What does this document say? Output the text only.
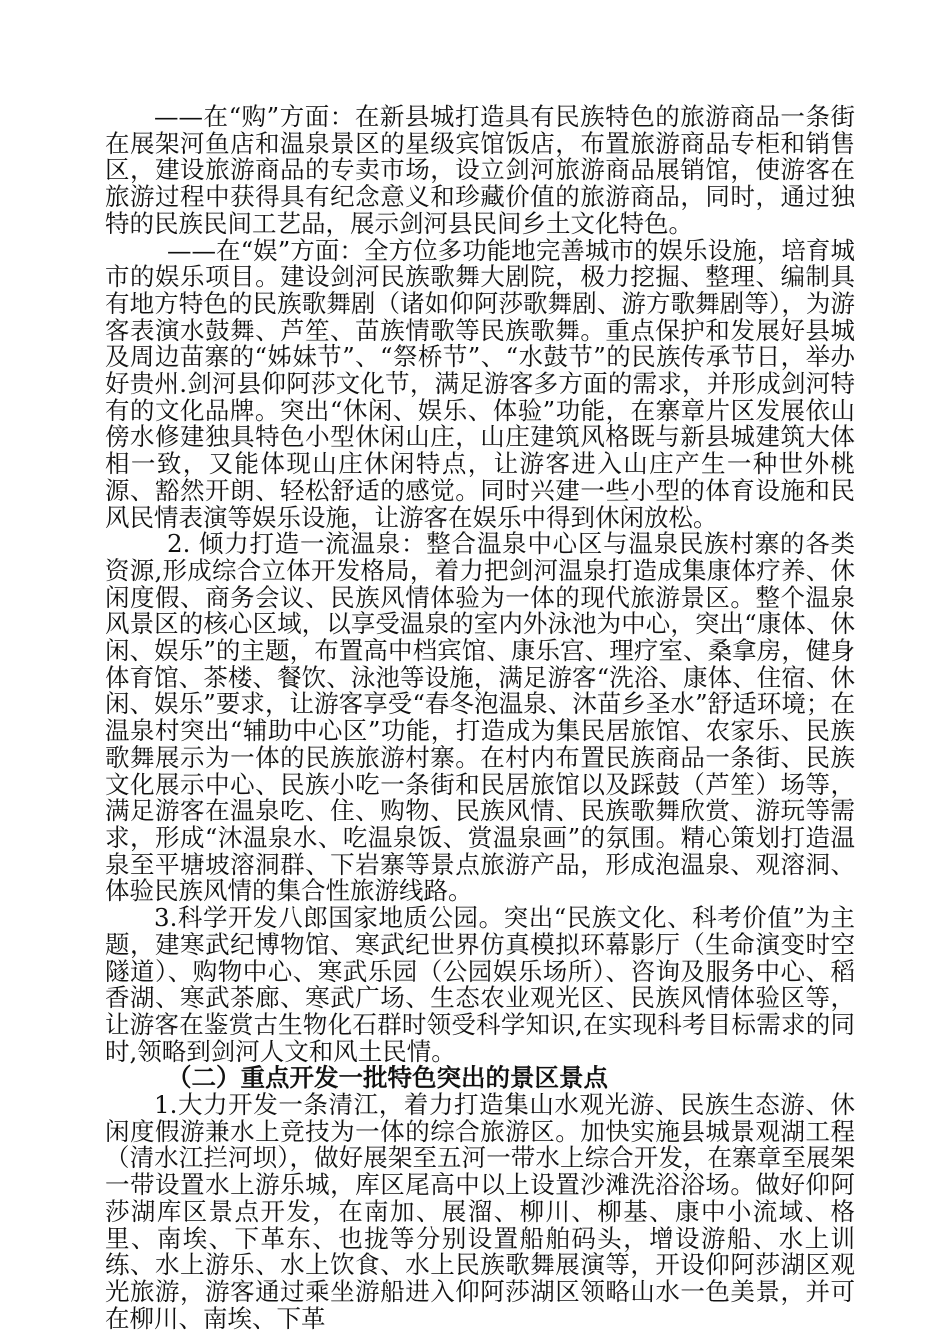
——在“购”方面：在新县城打造具有民族特色的旅游商品一条街在展架河鱼店和温泉景区的星级宾馆饭店，布置旅游商品专柜和销售区，建设旅游商品的专卖市场，设立剑河旅游商品展销馆，使游客在旅游过程中获得具有纪念意义和珍藏价值的旅游商品，同时，通过独特的民族民间工艺品，展示剑河县民间乡土文化特色。

——在“娱”方面：全方位多功能地完善城市的娱乐设施，培育城市的娱乐项目。建设剑河民族歌舞大剧院，极力挖掘、整理、编制具有地方特色的民族歌舞剧（诸如仰阿莎歌舞剧、游方歌舞剧等），为游客表演水鼓舞、芦笙、苗族情歌等民族歌舞。重点保护和发展好县城及周边苗寨的“姊妹节”、“祭桥节”、“水鼓节”的民族传承节日，举办好贵州.剑河县仰阿莎文化节，满足游客多方面的需求，并形成剑河特有的文化品牌。突出“休闲、娱乐、体验”功能，在寨章片区发展依山傍水修建独具特色小型休闲山庄，山庄建筑风格既与新县城建筑大体相一致，又能体现山庄休闲特点，让游客进入山庄产生一种世外桃源、豁然开朗、轻松舒适的感觉。同时兴建一些小型的体育设施和民风民情表演等娱乐设施，让游客在娱乐中得到休闲放松。

2. 倾力打造一流温泉：整合温泉中心区与温泉民族村寨的各类资源,形成综合立体开发格局，着力把剑河温泉打造成集康体疗养、休闲度假、商务会议、民族风情体验为一体的现代旅游景区。整个温泉风景区的核心区域，以享受温泉的室内外泳池为中心，突出“康体、休闲、娱乐”的主题，布置高中档宾馆、康乐宫、理疗室、桑拿房，健身体育馆、茶楼、餐饮、泳池等设施，满足游客“洗浴、康体、住宿、休闲、娱乐”要求，让游客享受“春冬泡温泉、沐苗乡圣水”舒适环境；在温泉村突出“辅助中心区”功能，打造成为集民居旅馆、农家乐、民族歌舞展示为一体的民族旅游村寨。在村内布置民族商品一条街、民族文化展示中心、民族小吃一条街和民居旅馆以及踩鼓（芦笙）场等，满足游客在温泉吃、住、购物、民族风情、民族歌舞欣赏、游玩等需求，形成“沐温泉水、吃温泉饭、赏温泉画”的氛围。精心策划打造温泉至平塘坡溶洞群、下岩寨等景点旅游产品，形成泡温泉、观溶洞、体验民族风情的集合性旅游线路。

3.科学开发八郎国家地质公园。突出“民族文化、科考价值”为主题，建寒武纪博物馆、寒武纪世界仿真模拟环幕影厅（生命演变时空隧道）、购物中心、寒武乐园（公园娱乐场所）、咨询及服务中心、稻香湖、寒武茶廊、寒武广场、生态农业观光区、民族风情体验区等，让游客在鉴赏古生物化石群时领受科学知识,在实现科考目标需求的同时,领略到剑河人文和风土民情。

（二）重点开发一批特色突出的景区景点

1.大力开发一条清江，着力打造集山水观光游、民族生态游、休闲度假游兼水上竞技为一体的综合旅游区。加快实施县城景观湖工程（清水江拦河坝），做好展架至五河一带水上综合开发，在寨章至展架一带设置水上游乐城，库区尾高中以上设置沙滩洗浴浴场。做好仰阿莎湖库区景点开发，在南加、展溜、柳川、柳基、康中小流域、格里、南埃、下革东、也拢等分别设置船舶码头，增设游船、水上训练、水上游乐、水上饮食、水上民族歌舞展演等，开设仰阿莎湖区观光旅游，游客通过乘坐游船进入仰阿莎湖区领略山水一色美景，并可在柳川、南埃、下革
